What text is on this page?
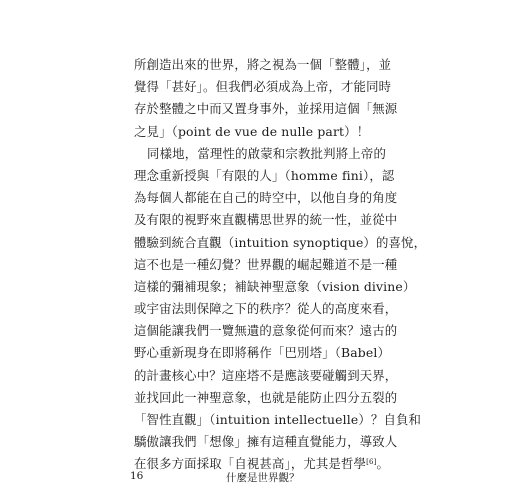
所創造出來的世界，將之視為一個「整體」，並
覺得「甚好」。但我們必須成為上帝，才能同時
存於整體之中而又置身事外，並採用這個「無源
之見」（point de vue de nulle part）！
同樣地，當理性的啟蒙和宗教批判將上帝的
理念重新授與「有限的人」（homme fini），認
為每個人都能在自己的時空中，以他自身的角度
及有限的視野來直觀構思世界的統一性，並從中
體驗到統合直觀（intuition synoptique）的喜悅，
這不也是一種幻覺？世界觀的崛起難道不是一種
這樣的彌補現象；補缺神聖意象（vision divine）
或宇宙法則保障之下的秩序？從人的高度來看，
這個能讓我們一覽無遺的意象從何而來？遠古的
野心重新現身在即將稱作「巴別塔」（Babel）
的計畫核心中？這座塔不是應該要碰觸到天界，
並找回此一神聖意象，也就是能防止四分五裂的
「智性直觀」（intuition intellectuelle）？自負和
驕傲讓我們「想像」擁有這種直覺能力，導致人
在很多方面採取「自視甚高」，尤其是哲學[6]。
16	什麼是世界觀？
